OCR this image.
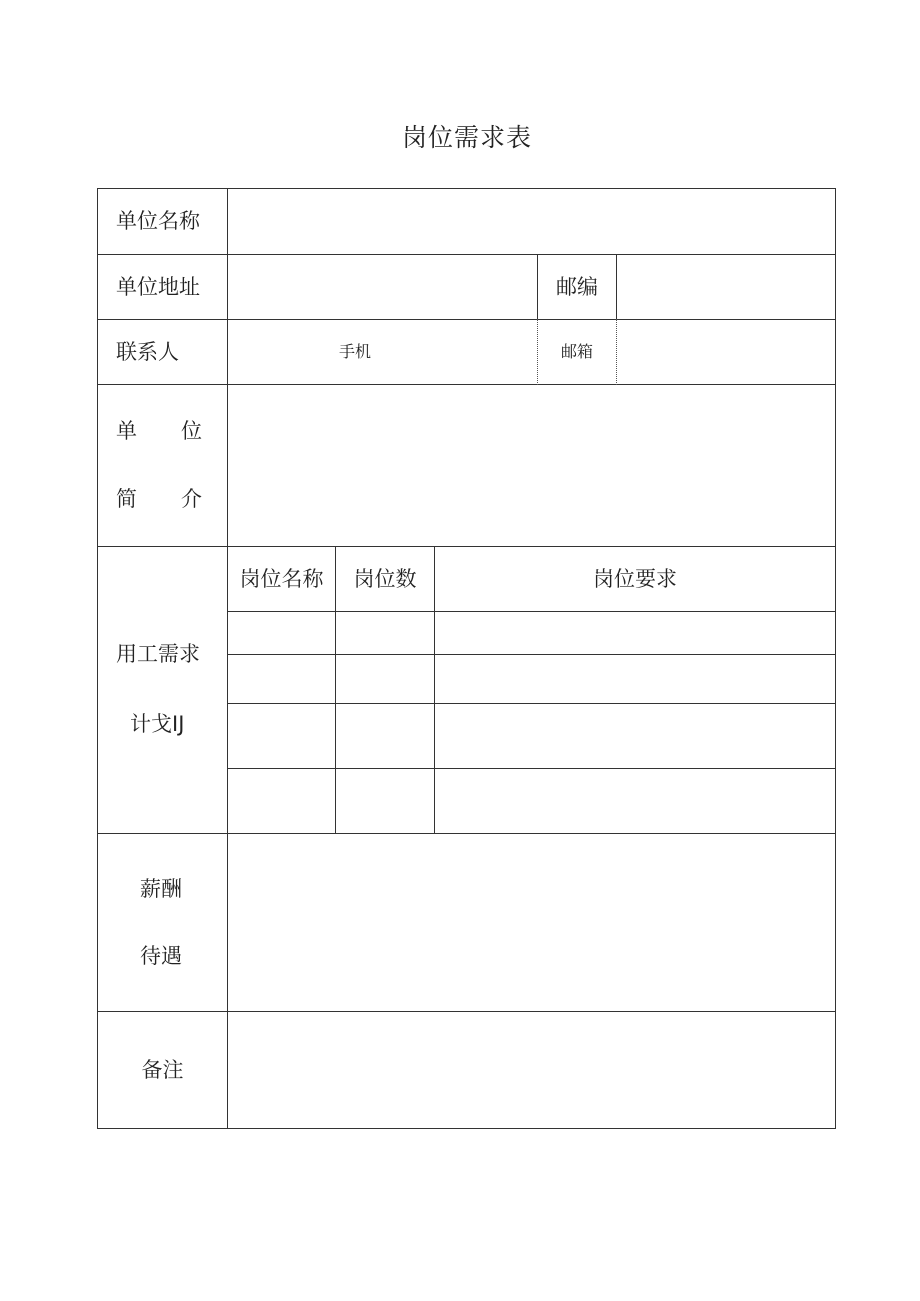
岗位需求表
单位名称
单位地址	邮编
联系人	手机	邮箱
单 位
简 介
用工需求
计戈IJ
岗位名称	岗位数	岗位要求
薪酬
待遇
备注
